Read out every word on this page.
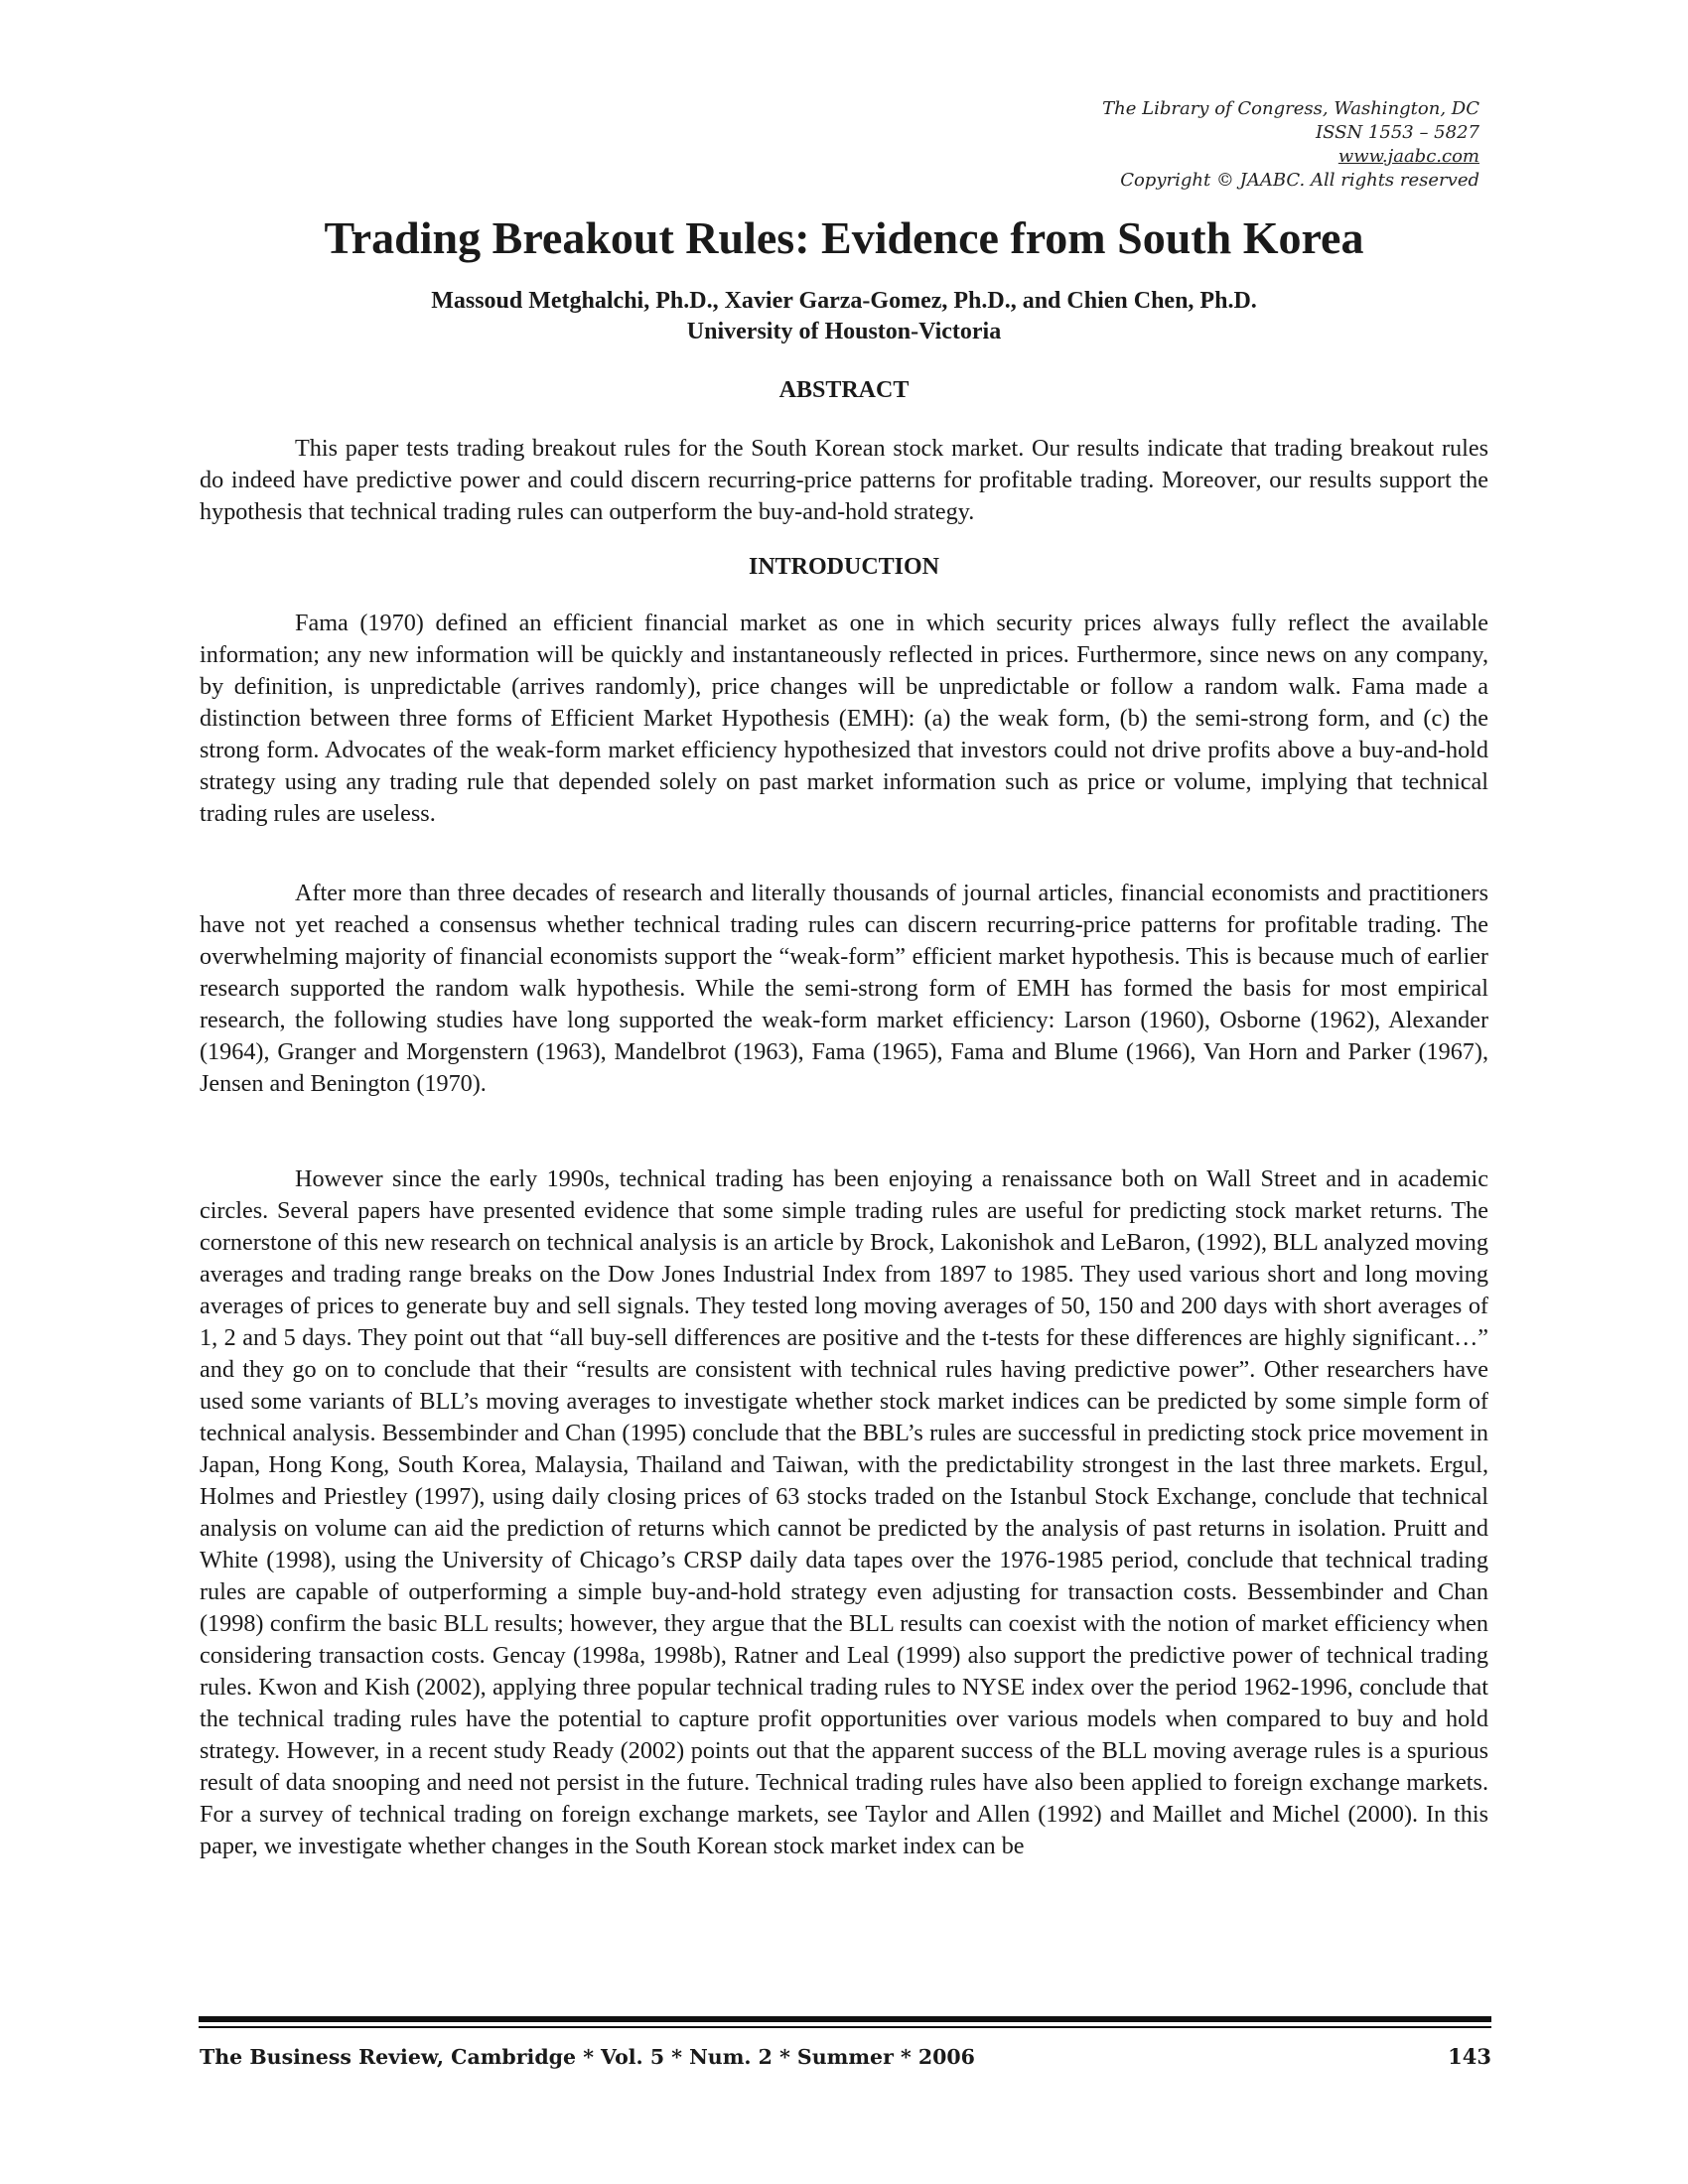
The Library of Congress, Washington, DC
ISSN 1553 – 5827
www.jaabc.com
Copyright © JAABC. All rights reserved
Trading Breakout Rules: Evidence from South Korea
Massoud Metghalchi, Ph.D., Xavier Garza-Gomez, Ph.D., and Chien Chen, Ph.D.
University of Houston-Victoria
ABSTRACT

This paper tests trading breakout rules for the South Korean stock market. Our results indicate that trading breakout rules do indeed have predictive power and could discern recurring-price patterns for profitable trading. Moreover, our results support the hypothesis that technical trading rules can outperform the buy-and-hold strategy.

INTRODUCTION

Fama (1970) defined an efficient financial market as one in which security prices always fully reflect the available information; any new information will be quickly and instantaneously reflected in prices. Furthermore, since news on any company, by definition, is unpredictable (arrives randomly), price changes will be unpredictable or follow a random walk. Fama made a distinction between three forms of Efficient Market Hypothesis (EMH): (a) the weak form, (b) the semi-strong form, and (c) the strong form. Advocates of the weak-form market efficiency hypothesized that investors could not drive profits above a buy-and-hold strategy using any trading rule that depended solely on past market information such as price or volume, implying that technical trading rules are useless.

After more than three decades of research and literally thousands of journal articles, financial economists and practitioners have not yet reached a consensus whether technical trading rules can discern recurring-price patterns for profitable trading. The overwhelming majority of financial economists support the “weak-form” efficient market hypothesis. This is because much of earlier research supported the random walk hypothesis. While the semi-strong form of EMH has formed the basis for most empirical research, the following studies have long supported the weak-form market efficiency: Larson (1960), Osborne (1962), Alexander (1964), Granger and Morgenstern (1963), Mandelbrot (1963), Fama (1965), Fama and Blume (1966), Van Horn and Parker (1967), Jensen and Benington (1970).

However since the early 1990s, technical trading has been enjoying a renaissance both on Wall Street and in academic circles. Several papers have presented evidence that some simple trading rules are useful for predicting stock market returns. The cornerstone of this new research on technical analysis is an article by Brock, Lakonishok and LeBaron, (1992), BLL analyzed moving averages and trading range breaks on the Dow Jones Industrial Index from 1897 to 1985. They used various short and long moving averages of prices to generate buy and sell signals. They tested long moving averages of 50, 150 and 200 days with short averages of 1, 2 and 5 days. They point out that “all buy-sell differences are positive and the t-tests for these differences are highly significant…” and they go on to conclude that their “results are consistent with technical rules having predictive power”. Other researchers have used some variants of BLL’s moving averages to investigate whether stock market indices can be predicted by some simple form of technical analysis. Bessembinder and Chan (1995) conclude that the BBL’s rules are successful in predicting stock price movement in Japan, Hong Kong, South Korea, Malaysia, Thailand and Taiwan, with the predictability strongest in the last three markets. Ergul, Holmes and Priestley (1997), using daily closing prices of 63 stocks traded on the Istanbul Stock Exchange, conclude that technical analysis on volume can aid the prediction of returns which cannot be predicted by the analysis of past returns in isolation. Pruitt and White (1998), using the University of Chicago’s CRSP daily data tapes over the 1976-1985 period, conclude that technical trading rules are capable of outperforming a simple buy-and-hold strategy even adjusting for transaction costs. Bessembinder and Chan (1998) confirm the basic BLL results; however, they argue that the BLL results can coexist with the notion of market efficiency when considering transaction costs. Gencay (1998a, 1998b), Ratner and Leal (1999) also support the predictive power of technical trading rules. Kwon and Kish (2002), applying three popular technical trading rules to NYSE index over the period 1962-1996, conclude that the technical trading rules have the potential to capture profit opportunities over various models when compared to buy and hold strategy. However, in a recent study Ready (2002) points out that the apparent success of the BLL moving average rules is a spurious result of data snooping and need not persist in the future. Technical trading rules have also been applied to foreign exchange markets. For a survey of technical trading on foreign exchange markets, see Taylor and Allen (1992) and Maillet and Michel (2000). In this paper, we investigate whether changes in the South Korean stock market index can be

The Business Review, Cambridge * Vol. 5 * Num. 2 * Summer * 2006	143
